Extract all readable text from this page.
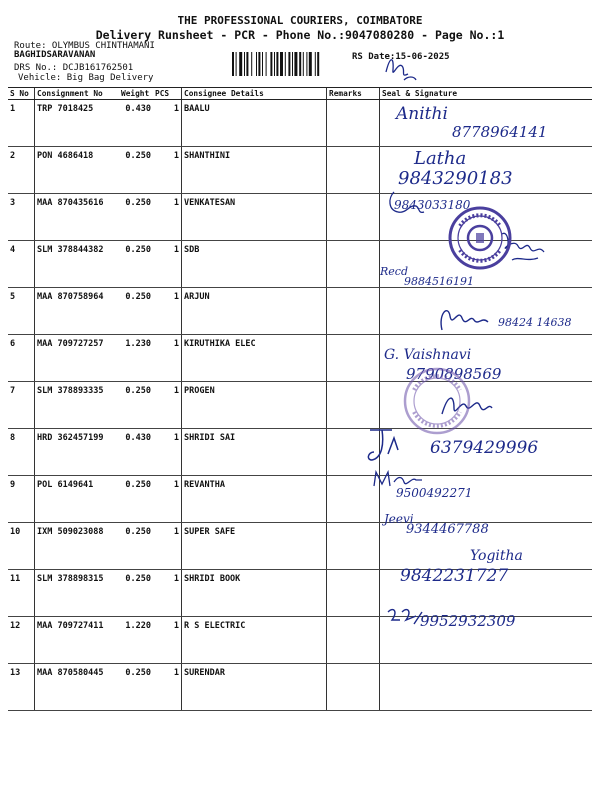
THE PROFESSIONAL COURIERS, COIMBATORE
Delivery Runsheet - PCR - Phone No.:9047080280 - Page No.:1
Route: OLYMBUS CHINTHAMANI
BAGHIDSARAVANAN
DRS No.: DCJB161762501
Vehicle: Big Bag Delivery
RS Date:15-06-2025
S No	Consignment No	Weight	PCS	Consignee Details	Remarks	Seal & Signature
1	TRP 7018425	0.430	1	BAALU		
2	PON 4686418	0.250	1	SHANTHINI		
3	MAA 870435616	0.250	1	VENKATESAN		
4	SLM 378844382	0.250	1	SDB		
5	MAA 870758964	0.250	1	ARJUN		
6	MAA 709727257	1.230	1	KIRUTHIKA ELEC		
7	SLM 378893335	0.250	1	PROGEN		
8	HRD 362457199	0.430	1	SHRIDI SAI		
9	POL 6149641	0.250	1	REVANTHA		
10	IXM 509023088	0.250	1	SUPER SAFE		
11	SLM 378898315	0.250	1	SHRIDI BOOK		
12	MAA 709727411	1.220	1	R S ELECTRIC		
13	MAA 870580445	0.250	1	SURENDAR		
Anithi
8778964141
Latha
9843290183
9843033180
Recd
9884516191
98424 14638
G. Vaishnavi
9790898569
6379429996
9500492271
Jeevi
9344467788
Yogitha
9842231727
9952932309
